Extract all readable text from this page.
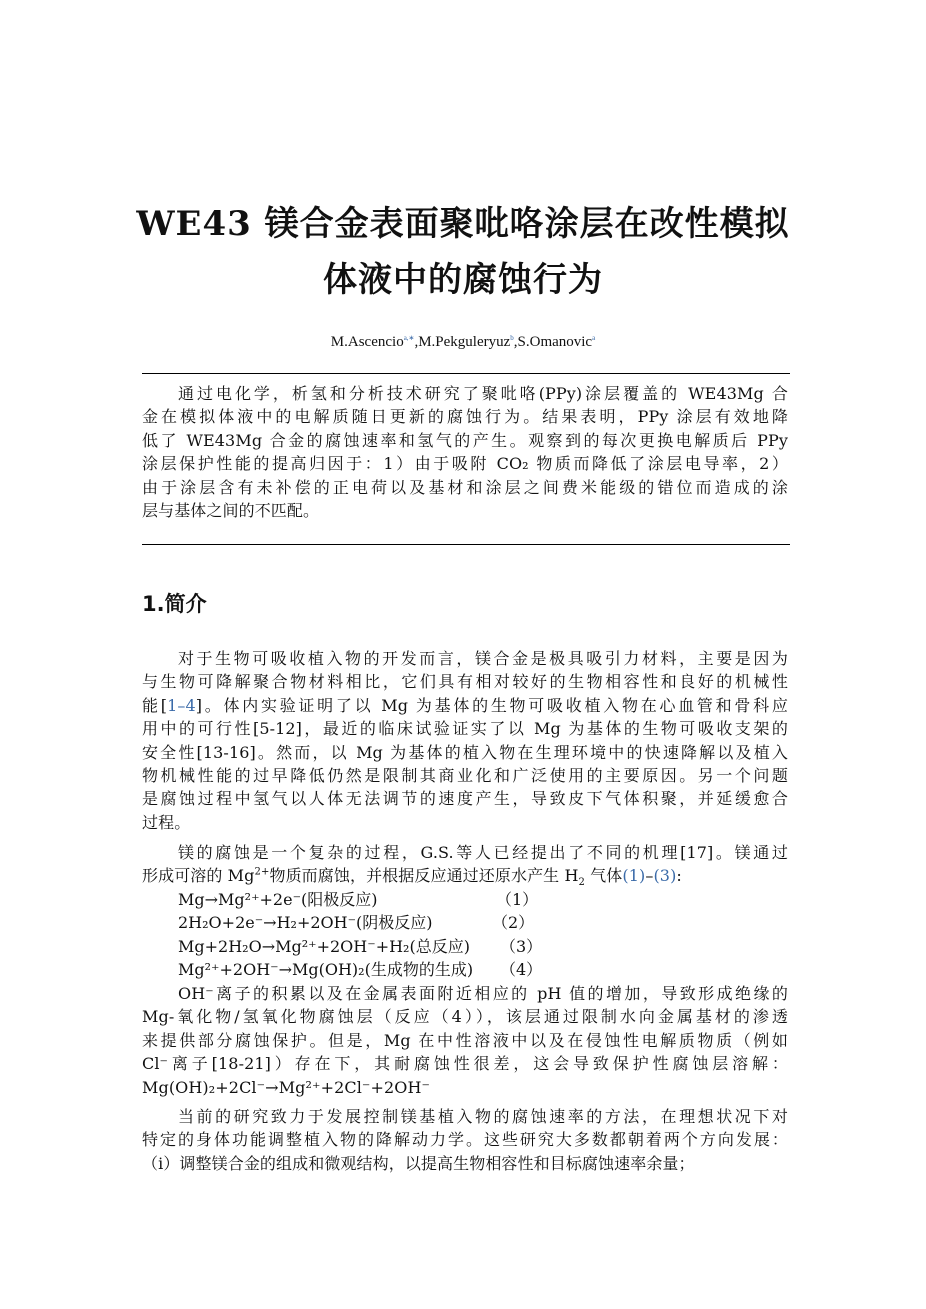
WE43 镁合金表面聚吡咯涂层在改性模拟
体液中的腐蚀行为
M.Ascencio$^{a,∗}$,M.Pekguleryuz$^b$,S.Omanovic$^a$
通过电化学，析氢和分析技术研究了聚吡咯(PPy)涂层覆盖的 WE43Mg 合
金在模拟体液中的电解质随日更新的腐蚀行为。结果表明，PPy 涂层有效地降
低了 WE43Mg 合金的腐蚀速率和氢气的产生。观察到的每次更换电解质后 PPy
涂层保护性能的提高归因于：1）由于吸附 CO₂ 物质而降低了涂层电导率，2）
由于涂层含有未补偿的正电荷以及基材和涂层之间费米能级的错位而造成的涂
层与基体之间的不匹配。
1.简介
对于生物可吸收植入物的开发而言，镁合金是极具吸引力材料，主要是因为
与生物可降解聚合物材料相比，它们具有相对较好的生物相容性和良好的机械性
能[1–4]。体内实验证明了以 Mg 为基体的生物可吸收植入物在心血管和骨科应
用中的可行性[5-12]，最近的临床试验证实了以 Mg 为基体的生物可吸收支架的
安全性[13-16]。然而，以 Mg 为基体的植入物在生理环境中的快速降解以及植入
物机械性能的过早降低仍然是限制其商业化和广泛使用的主要原因。另一个问题
是腐蚀过程中氢气以人体无法调节的速度产生，导致皮下气体积聚，并延缓愈合
过程。
镁的腐蚀是一个复杂的过程，G.S.等人已经提出了不同的机理[17]。镁通过
形成可溶的 $Mg^{2+}$物质而腐蚀，并根据反应通过还原水产生 $H_2$ 气体(1)–(3):
Mg→Mg²⁺+2e⁻(阳极反应)	（1）
2H₂O+2e⁻→H₂+2OH⁻(阴极反应)	（2）
Mg+2H₂O→Mg²⁺+2OH⁻+H₂(总反应) （3）
Mg²⁺+2OH⁻→Mg(OH)₂(生成物的生成) （4）
OH⁻离子的积累以及在金属表面附近相应的 pH 值的增加，导致形成绝缘的
Mg-氧化物/氢氧化物腐蚀层（反应（4）），该层通过限制水向金属基材的渗透
来提供部分腐蚀保护。但是，Mg 在中性溶液中以及在侵蚀性电解质物质（例如
Cl⁻离子[18-21]）存在下，其耐腐蚀性很差，这会导致保护性腐蚀层溶解：
Mg(OH)₂+2Cl⁻→Mg²⁺+2Cl⁻+2OH⁻
当前的研究致力于发展控制镁基植入物的腐蚀速率的方法，在理想状况下对
特定的身体功能调整植入物的降解动力学。这些研究大多数都朝着两个方向发展：
（i）调整镁合金的组成和微观结构，以提高生物相容性和目标腐蚀速率余量；
